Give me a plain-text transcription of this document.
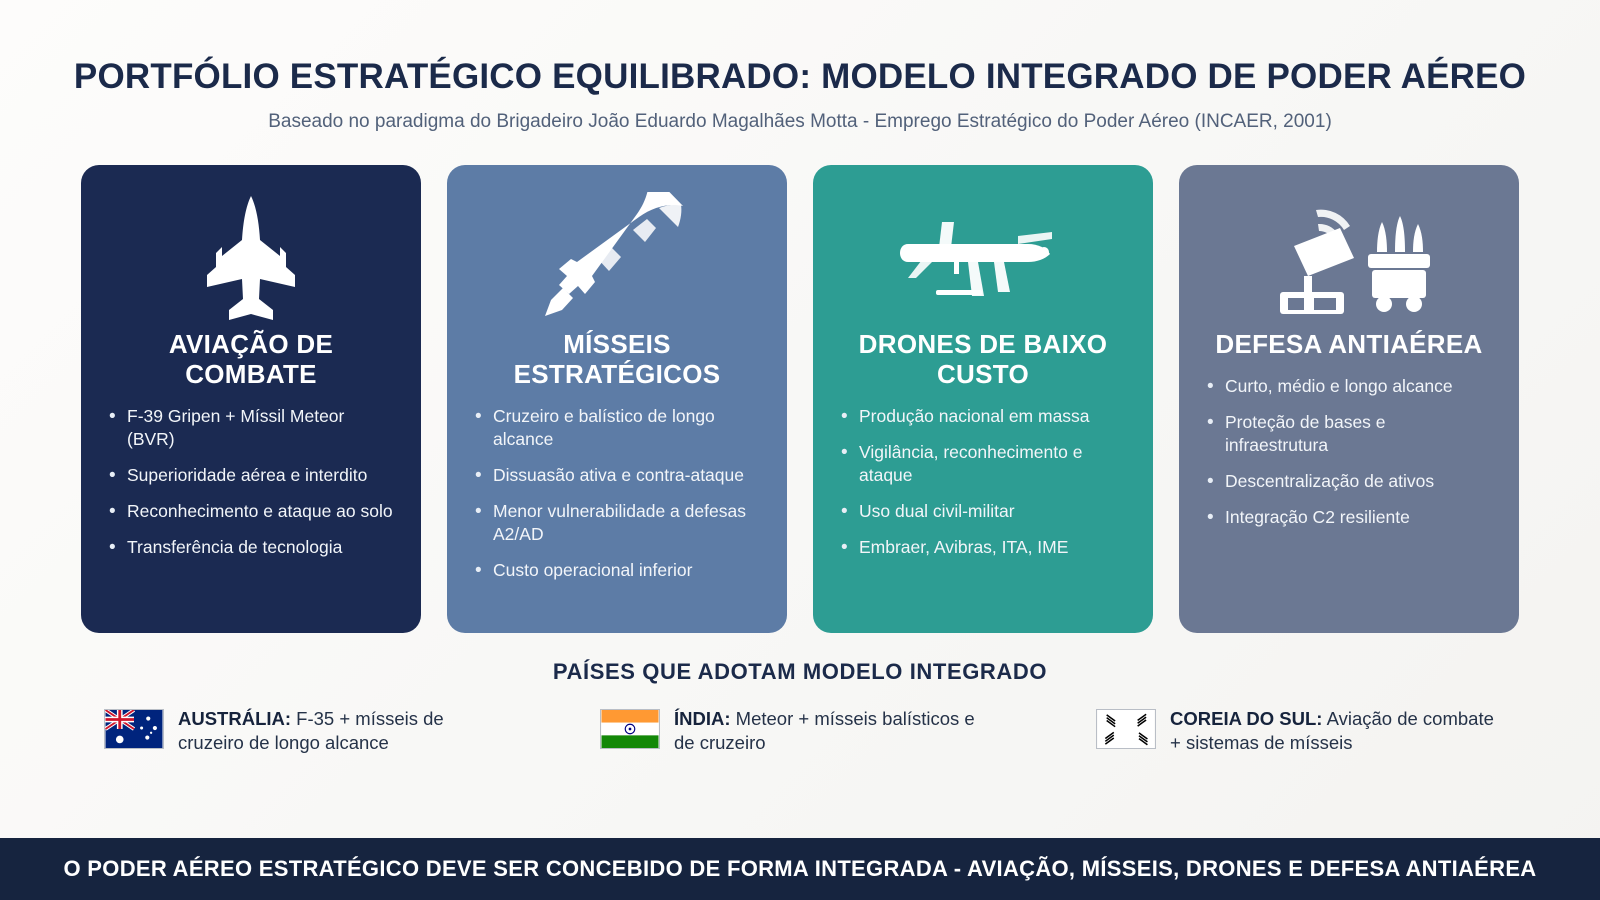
PORTFÓLIO ESTRATÉGICO EQUILIBRADO: MODELO INTEGRADO DE PODER AÉREO

Baseado no paradigma do Brigadeiro João Eduardo Magalhães Motta - Emprego Estratégico do Poder Aéreo (INCAER, 2001)

AVIAÇÃO DE COMBATE
• F-39 Gripen + Míssil Meteor (BVR)
• Superioridade aérea e interdito
• Reconhecimento e ataque ao solo
• Transferência de tecnologia
MÍSSEIS ESTRATÉGICOS
• Cruzeiro e balístico de longo alcance
• Dissuasão ativa e contra-ataque
• Menor vulnerabilidade a defesas A2/AD
• Custo operacional inferior
DRONES DE BAIXO CUSTO
• Produção nacional em massa
• Vigilância, reconhecimento e ataque
• Uso dual civil-militar
• Embraer, Avibras, ITA, IME
DEFESA ANTIAÉREA
• Curto, médio e longo alcance
• Proteção de bases e infraestrutura
• Descentralização de ativos
• Integração C2 resiliente
PAÍSES QUE ADOTAM MODELO INTEGRADO
AUSTRÁLIA: F-35 + mísseis de cruzeiro de longo alcance
ÍNDIA: Meteor + mísseis balísticos e de cruzeiro
COREIA DO SUL: Aviação de combate + sistemas de mísseis
O PODER AÉREO ESTRATÉGICO DEVE SER CONCEBIDO DE FORMA INTEGRADA - AVIAÇÃO, MÍSSEIS, DRONES E DEFESA ANTIAÉREA
